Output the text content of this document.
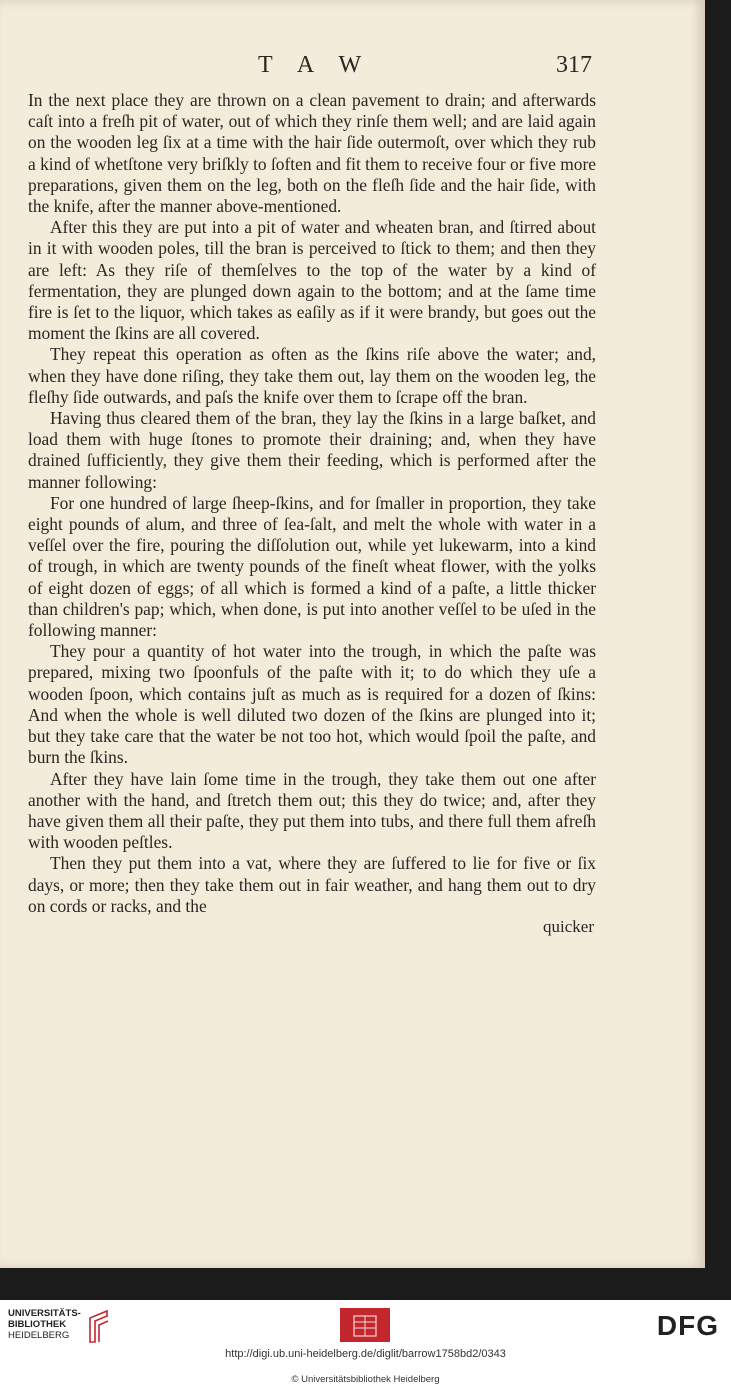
T A W	317

In the next place they are thrown on a clean pavement to drain; and afterwards caſt into a freſh pit of water, out of which they rinſe them well; and are laid again on the wooden leg ſix at a time with the hair ſide outermoſt, over which they rub a kind of whetſtone very briſkly to ſoften and fit them to receive four or five more preparations, given them on the leg, both on the fleſh ſide and the hair ſide, with the knife, after the manner above-mentioned.

After this they are put into a pit of water and wheaten bran, and ſtirred about in it with wooden poles, till the bran is perceived to ſtick to them; and then they are left: As they riſe of themſelves to the top of the water by a kind of fermentation, they are plunged down again to the bottom; and at the ſame time fire is ſet to the liquor, which takes as eaſily as if it were brandy, but goes out the moment the ſkins are all covered.

They repeat this operation as often as the ſkins riſe above the water; and, when they have done riſing, they take them out, lay them on the wooden leg, the fleſhy ſide outwards, and paſs the knife over them to ſcrape off the bran.

Having thus cleared them of the bran, they lay the ſkins in a large baſket, and load them with huge ſtones to promote their draining; and, when they have drained ſufficiently, they give them their feeding, which is performed after the manner following:

For one hundred of large ſheep-ſkins, and for ſmaller in proportion, they take eight pounds of alum, and three of ſea-ſalt, and melt the whole with water in a veſſel over the fire, pouring the diſſolution out, while yet lukewarm, into a kind of trough, in which are twenty pounds of the fineſt wheat flower, with the yolks of eight dozen of eggs; of all which is formed a kind of a paſte, a little thicker than children's pap; which, when done, is put into another veſſel to be uſed in the following manner:

They pour a quantity of hot water into the trough, in which the paſte was prepared, mixing two ſpoonfuls of the paſte with it; to do which they uſe a wooden ſpoon, which contains juſt as much as is required for a dozen of ſkins: And when the whole is well diluted two dozen of the ſkins are plunged into it; but they take care that the water be not too hot, which would ſpoil the paſte, and burn the ſkins.

After they have lain ſome time in the trough, they take them out one after another with the hand, and ſtretch them out; this they do twice; and, after they have given them all their paſte, they put them into tubs, and there full them afreſh with wooden peſtles.

Then they put them into a vat, where they are ſuffered to lie for five or ſix days, or more; then they take them out in fair weather, and hang them out to dry on cords or racks, and the

quicker
UNIVERSITÄTS-
BIBLIOTHEK
HEIDELBERG	DFG
http://digi.ub.uni-heidelberg.de/diglit/barrow1758bd2/0343
© Universitätsbibliothek Heidelberg
